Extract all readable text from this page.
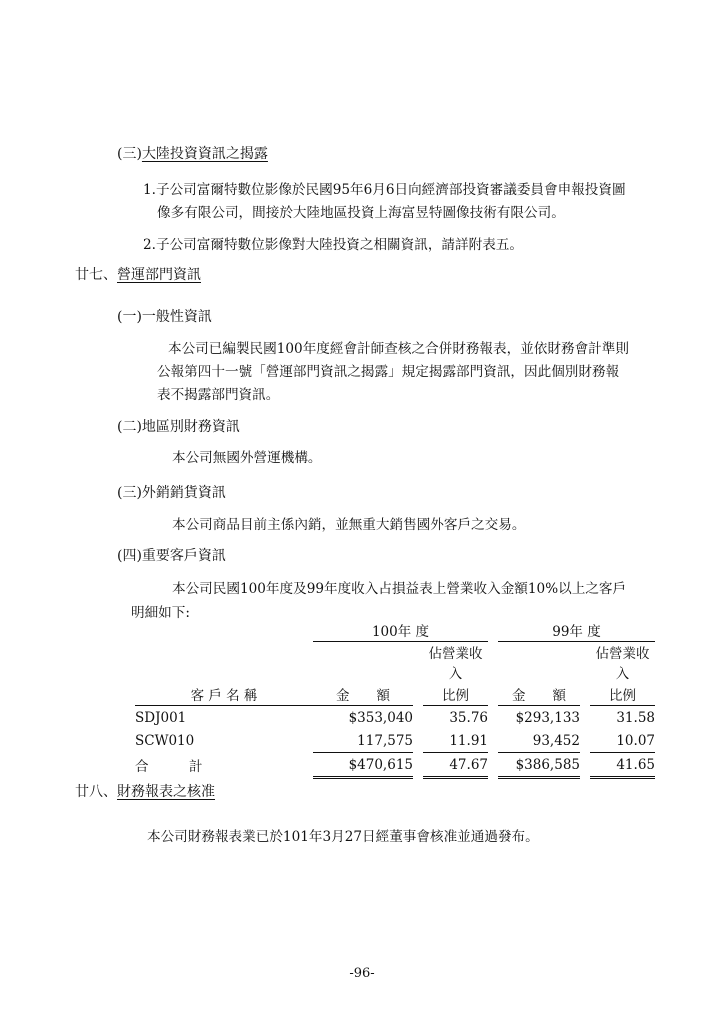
(三)大陸投資資訊之揭露
1.子公司富爾特數位影像於民國95年6月6日向經濟部投資審議委員會申報投資圖
像多有限公司，間接於大陸地區投資上海富昱特圖像技術有限公司。
2.子公司富爾特數位影像對大陸投資之相關資訊，請詳附表五。
廿七、營運部門資訊
(一)一般性資訊
本公司已編製民國100年度經會計師查核之合併財務報表，並依財務會計準則
公報第四十一號「營運部門資訊之揭露」規定揭露部門資訊，因此個別財務報
表不揭露部門資訊。
(二)地區別財務資訊
本公司無國外營運機構。
(三)外銷銷貨資訊
本公司商品目前主係內銷，並無重大銷售國外客戶之交易。
(四)重要客戶資訊
本公司民國100年度及99年度收入占損益表上營業收入金額10%以上之客戶
明細如下:
	100年 度				99年 度		
			佔營業收入				佔營業收入
客 戶 名 稱	金　　額		比例		金　　額		比例
SDJ001	$353,040		35.76		$293,133		31.58
SCW010	117,575		11.91		93,452		10.07
合　　　計	$470,615		47.67		$386,585		41.65
廿八、財務報表之核准
本公司財務報表業已於101年3月27日經董事會核准並通過發布。
-96-
